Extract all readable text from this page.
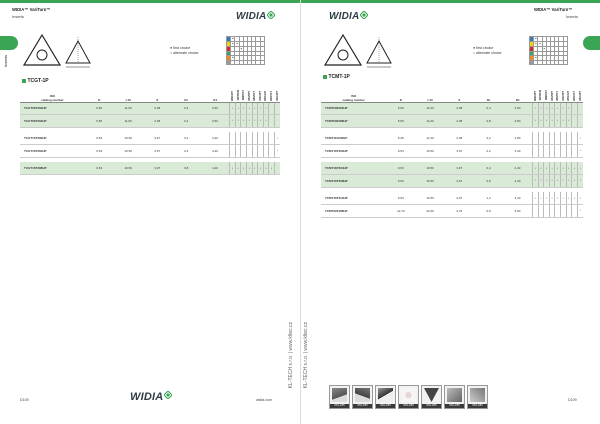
WIDIA™ VariTurn™
Inserts	WIDIA
Inserts
● first choice
○ alternate choice
	●							
	●	●						
			●					

	●							

TCGT-1P
ISO
catalog number	D	L10	S	Rε	D1	WM10PT	WP35CM	WM25CT	WU25PT	WP25CT	WS15PT	WU10HT	WK15CT	WU10PT
TCGT09T302HP	5,56	11,00	2,38	0,2	2,50	•	•	•	•	•	•	•		
TCGT09T304HP	5,56	11,00	2,38	0,4	2,50	•	•	•	•	•	•	•		

TCGT16T302HP	9,53	16,50	3,97	0,2	4,40									•
TCGT16T304HP	9,53	16,50	3,97	0,4	4,40									•

TCGT16T308HP	9,53	16,50	3,97	0,8	4,40	•	•	•	•	•	•	•	•	
D109	WIDIA	widia.com
KL-TECH s.r.o. | www.kltec.cz
WIDIA
WIDIA™ VariTurn™
Inserts
● first choice
○ alternate choice
	●							
	●	●						
			●					

	●							

TCMT-1P
ISO
catalog number	D	L10	S	Rε	D1	WM10PT	WP35CM	WM25CT	WU25PT	WP25CT	WS15PT	WU10HT	WK15CT	WU10PT
TCMT090204HP	5,56	11,00	2,38	0,4	2,50	•	•	•	•	•	•	•		
TCMT090208HP	5,56	11,00	2,38	0,8	2,50	•	•	•	•	•	•	•		

TCMT110202HP	6,35	11,00	2,38	0,2	2,80									•
TCMT16T302HP	9,53	16,50	3,97	0,2	4,40									•

TCMT16T304HP	9,53	16,50	3,97	0,4	4,40	•	•	•	•	•	•	•	•	•
TCMT16T308HP	9,53	16,50	3,97	0,8	4,40	•	•	•	•	•	•	•	•	•

TCMT16T312HP	9,53	16,50	3,97	1,2	4,40	•	•	•	•	•	•	•	•	•
TCMT220408HP	12,70	22,00	4,76	0,8	5,50									•
KL-TECH s.r.o. | www.kltec.cz
D54–D55	D54–D55	D54–D55	D54–D55	D54–D55	D54–D55	D54–D55
D109
